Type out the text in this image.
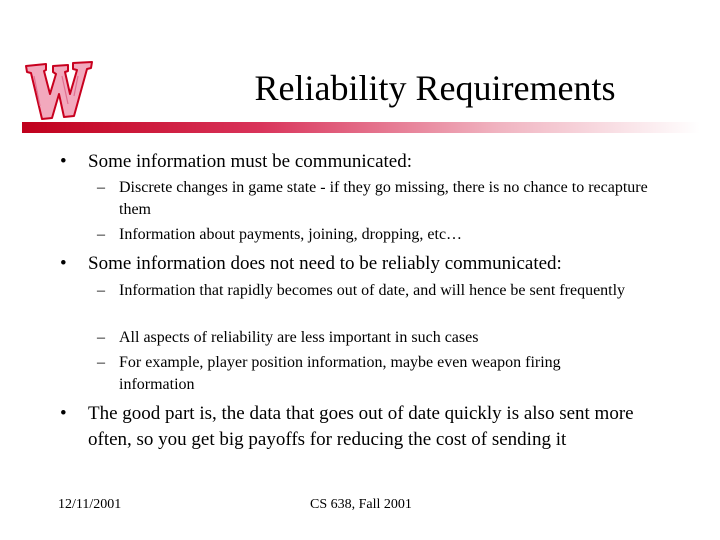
Reliability Requirements
• Some information must be communicated:
– Discrete changes in game state - if they go missing, there is no chance to recapture them
– Information about payments, joining, dropping, etc…
• Some information does not need to be reliably communicated:
– Information that rapidly becomes out of date, and will hence be sent frequently
– All aspects of reliability are less important in such cases
– For example, player position information, maybe even weapon firing information
• The good part is, the data that goes out of date quickly is also sent more often, so you get big payoffs for reducing the cost of sending it
12/11/2001	CS 638, Fall 2001
